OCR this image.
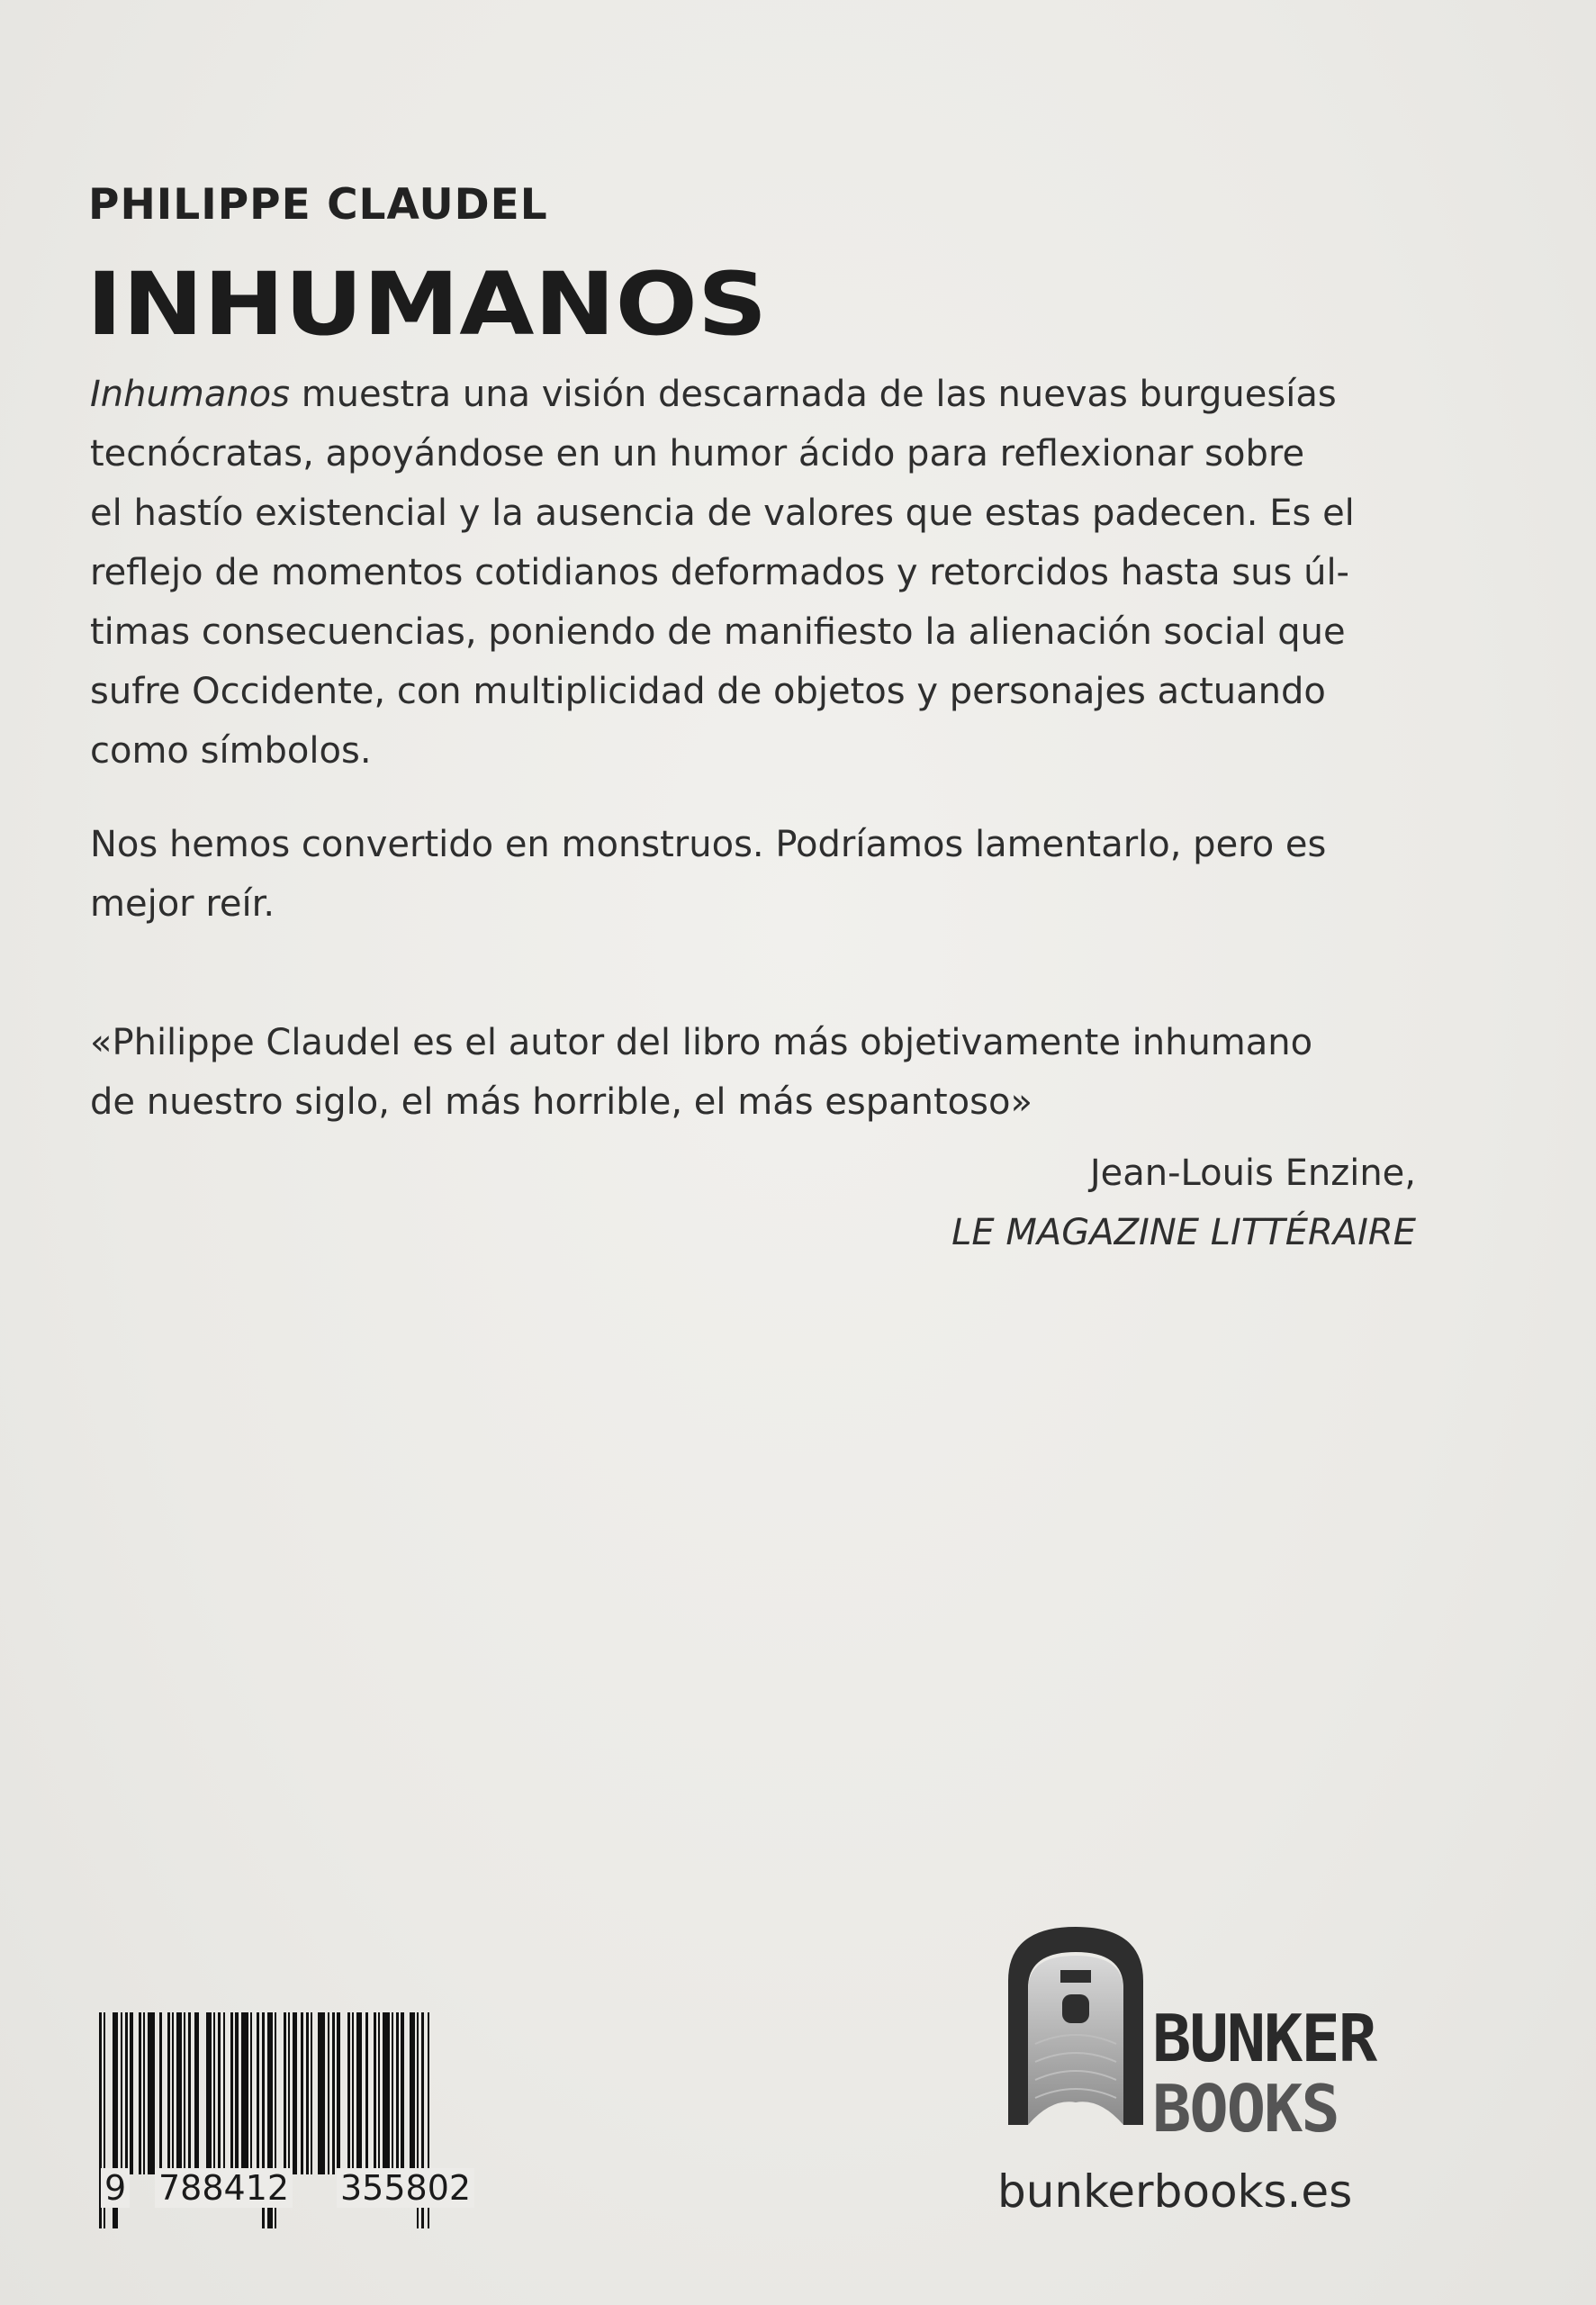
PHILIPPE CLAUDEL
INHUMANOS

Inhumanos muestra una visión descarnada de las nuevas burguesías
tecnócratas, apoyándose en un humor ácido para reflexionar sobre
el hastío existencial y la ausencia de valores que estas padecen. Es el
reflejo de momentos cotidianos deformados y retorcidos hasta sus úl-
timas consecuencias, poniendo de manifiesto la alienación social que
sufre Occidente, con multiplicidad de objetos y personajes actuando
como símbolos.

Nos hemos convertido en monstruos. Podríamos lamentarlo, pero es
mejor reír.

«Philippe Claudel es el autor del libro más objetivamente inhumano
de nuestro siglo, el más horrible, el más espantoso»

Jean-Louis Enzine,
LE MAGAZINE LITTÉRAIRE
9 788412 355802
BUNKER
BOOKS
bunkerbooks.es
